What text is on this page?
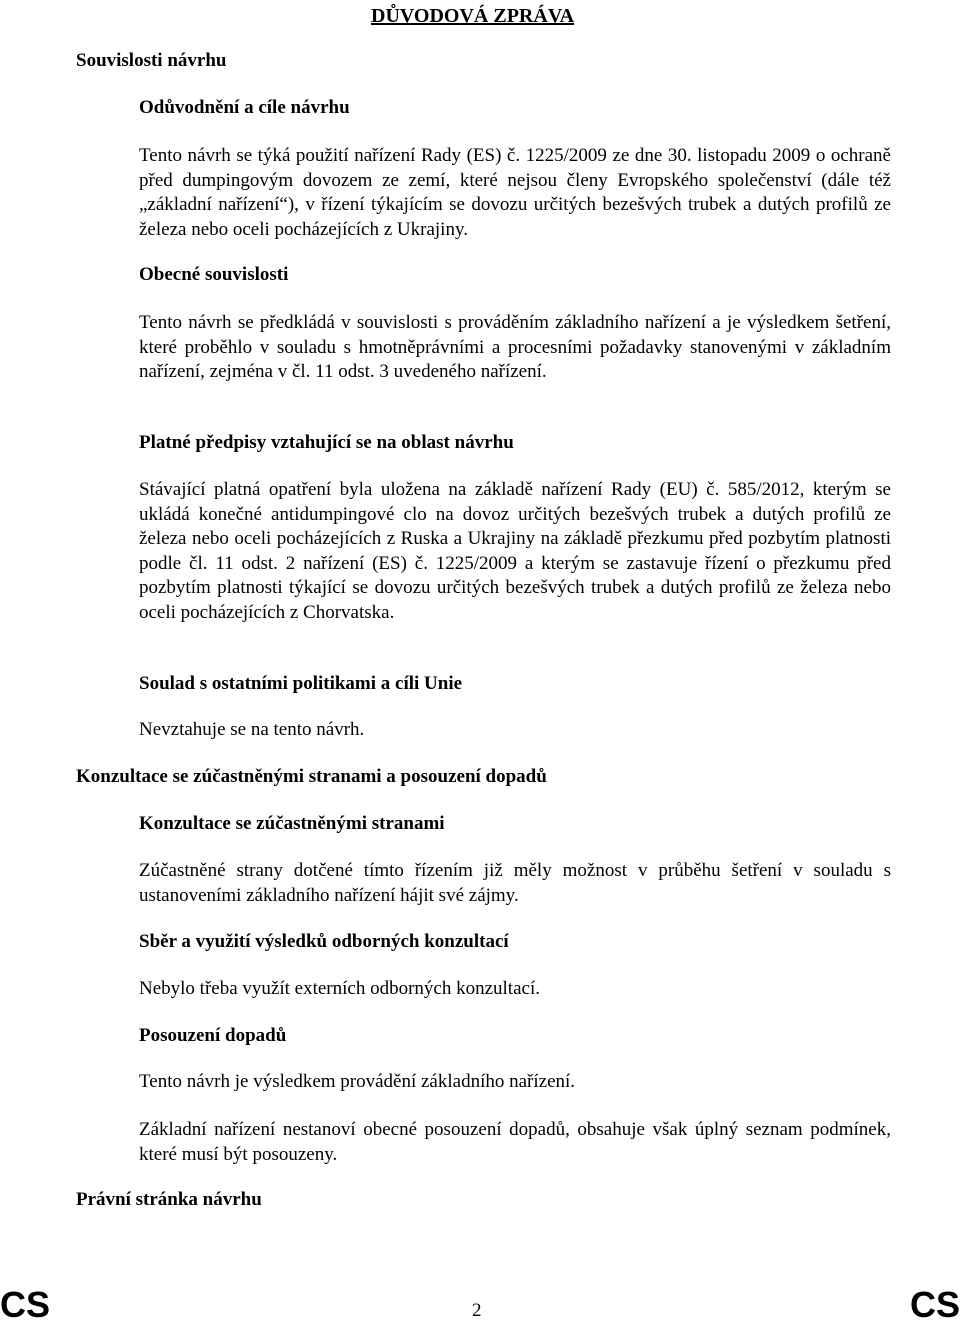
DŮVODOVÁ ZPRÁVA
Souvislosti návrhu
Odůvodnění a cíle návrhu
Tento návrh se týká použití nařízení Rady (ES) č. 1225/2009 ze dne 30. listopadu 2009 o ochraně před dumpingovým dovozem ze zemí, které nejsou členy Evropského společenství (dále též „základní nařízení“), v řízení týkajícím se dovozu určitých bezešvých trubek a dutých profilů ze železa nebo oceli pocházejících z Ukrajiny.
Obecné souvislosti
Tento návrh se předkládá v souvislosti s prováděním základního nařízení a je výsledkem šetření, které proběhlo v souladu s hmotněprávními a procesními požadavky stanovenými v základním nařízení, zejména v čl. 11 odst. 3 uvedeného nařízení.
Platné předpisy vztahující se na oblast návrhu
Stávající platná opatření byla uložena na základě nařízení Rady (EU) č. 585/2012, kterým se ukládá konečné antidumpingové clo na dovoz určitých bezešvých trubek a dutých profilů ze železa nebo oceli pocházejících z Ruska a Ukrajiny na základě přezkumu před pozbytím platnosti podle čl. 11 odst. 2 nařízení (ES) č. 1225/2009 a kterým se zastavuje řízení o přezkumu před pozbytím platnosti týkající se dovozu určitých bezešvých trubek a dutých profilů ze železa nebo oceli pocházejících z Chorvatska.
Soulad s ostatními politikami a cíli Unie
Nevztahuje se na tento návrh.
Konzultace se zúčastněnými stranami a posouzení dopadů
Konzultace se zúčastněnými stranami
Zúčastněné strany dotčené tímto řízením již měly možnost v průběhu šetření v souladu s ustanoveními základního nařízení hájit své zájmy.
Sběr a využití výsledků odborných konzultací
Nebylo třeba využít externích odborných konzultací.
Posouzení dopadů
Tento návrh je výsledkem provádění základního nařízení.
Základní nařízení nestanoví obecné posouzení dopadů, obsahuje však úplný seznam podmínek, které musí být posouzeny.
Právní stránka návrhu
CS	2	CS
